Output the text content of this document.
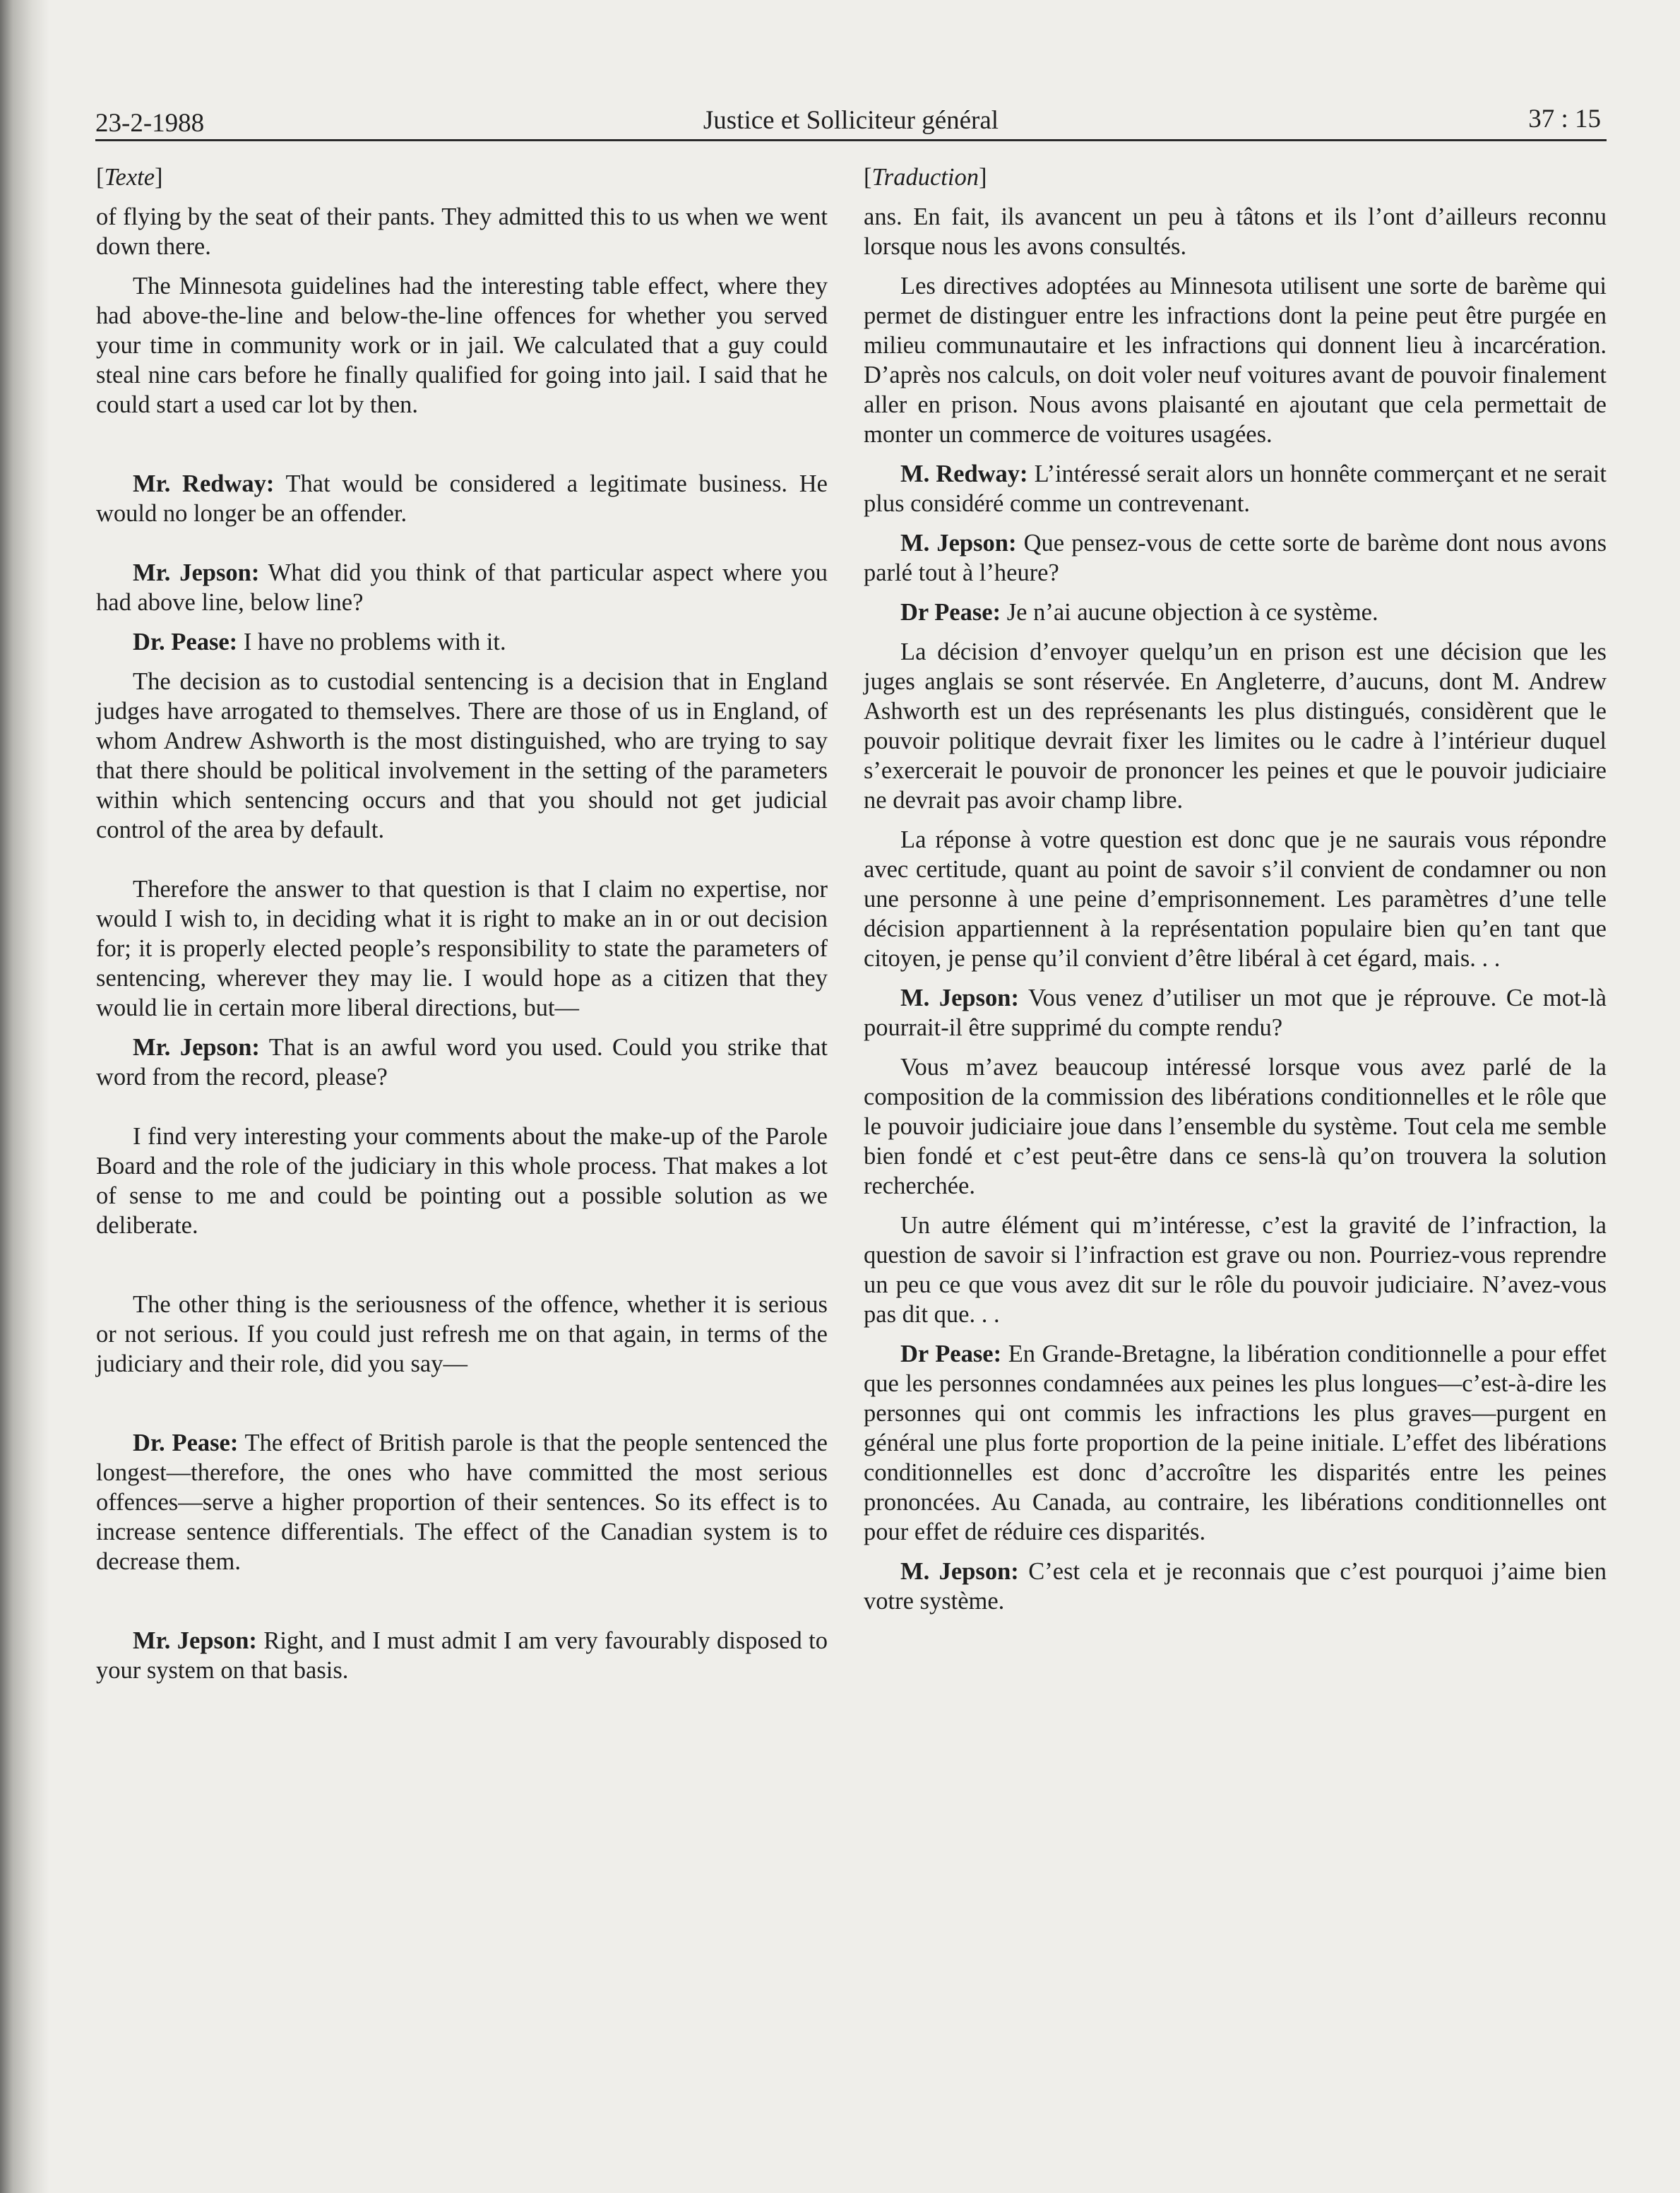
23-2-1988	Justice et Solliciteur général	37 : 15

[Texte]

of flying by the seat of their pants. They admitted this to us when we went down there.

The Minnesota guidelines had the interesting table effect, where they had above-the-line and below-the-line offences for whether you served your time in community work or in jail. We calculated that a guy could steal nine cars before he finally qualified for going into jail. I said that he could start a used car lot by then.

Mr. Redway: That would be considered a legitimate business. He would no longer be an offender.

Mr. Jepson: What did you think of that particular aspect where you had above line, below line?

Dr. Pease: I have no problems with it.

The decision as to custodial sentencing is a decision that in England judges have arrogated to themselves. There are those of us in England, of whom Andrew Ashworth is the most distinguished, who are trying to say that there should be political involvement in the setting of the parameters within which sentencing occurs and that you should not get judicial control of the area by default.

Therefore the answer to that question is that I claim no expertise, nor would I wish to, in deciding what it is right to make an in or out decision for; it is properly elected people’s responsibility to state the parameters of sentencing, wherever they may lie. I would hope as a citizen that they would lie in certain more liberal directions, but—

Mr. Jepson: That is an awful word you used. Could you strike that word from the record, please?

I find very interesting your comments about the make-up of the Parole Board and the role of the judiciary in this whole process. That makes a lot of sense to me and could be pointing out a possible solution as we deliberate.

The other thing is the seriousness of the offence, whether it is serious or not serious. If you could just refresh me on that again, in terms of the judiciary and their role, did you say—

Dr. Pease: The effect of British parole is that the people sentenced the longest—therefore, the ones who have committed the most serious offences—serve a higher proportion of their sentences. So its effect is to increase sentence differentials. The effect of the Canadian system is to decrease them.

Mr. Jepson: Right, and I must admit I am very favourably disposed to your system on that basis.

[Traduction]

ans. En fait, ils avancent un peu à tâtons et ils l’ont d’ailleurs reconnu lorsque nous les avons consultés.

Les directives adoptées au Minnesota utilisent une sorte de barème qui permet de distinguer entre les infractions dont la peine peut être purgée en milieu communautaire et les infractions qui donnent lieu à incarcération. D’après nos calculs, on doit voler neuf voitures avant de pouvoir finalement aller en prison. Nous avons plaisanté en ajoutant que cela permettait de monter un commerce de voitures usagées.

M. Redway: L’intéressé serait alors un honnête commerçant et ne serait plus considéré comme un contrevenant.

M. Jepson: Que pensez-vous de cette sorte de barème dont nous avons parlé tout à l’heure?

Dr Pease: Je n’ai aucune objection à ce système.

La décision d’envoyer quelqu’un en prison est une décision que les juges anglais se sont réservée. En Angleterre, d’aucuns, dont M. Andrew Ashworth est un des représenants les plus distingués, considèrent que le pouvoir politique devrait fixer les limites ou le cadre à l’intérieur duquel s’exercerait le pouvoir de prononcer les peines et que le pouvoir judiciaire ne devrait pas avoir champ libre.

La réponse à votre question est donc que je ne saurais vous répondre avec certitude, quant au point de savoir s’il convient de condamner ou non une personne à une peine d’emprisonnement. Les paramètres d’une telle décision appartiennent à la représentation populaire bien qu’en tant que citoyen, je pense qu’il convient d’être libéral à cet égard, mais. . .

M. Jepson: Vous venez d’utiliser un mot que je réprouve. Ce mot-là pourrait-il être supprimé du compte rendu?

Vous m’avez beaucoup intéressé lorsque vous avez parlé de la composition de la commission des libérations conditionnelles et le rôle que le pouvoir judiciaire joue dans l’ensemble du système. Tout cela me semble bien fondé et c’est peut-être dans ce sens-là qu’on trouvera la solution recherchée.

Un autre élément qui m’intéresse, c’est la gravité de l’infraction, la question de savoir si l’infraction est grave ou non. Pourriez-vous reprendre un peu ce que vous avez dit sur le rôle du pouvoir judiciaire. N’avez-vous pas dit que. . .

Dr Pease: En Grande-Bretagne, la libération conditionnelle a pour effet que les personnes condamnées aux peines les plus longues—c’est-à-dire les personnes qui ont commis les infractions les plus graves—purgent en général une plus forte proportion de la peine initiale. L’effet des libérations conditionnelles est donc d’accroître les disparités entre les peines prononcées. Au Canada, au contraire, les libérations conditionnelles ont pour effet de réduire ces disparités.

M. Jepson: C’est cela et je reconnais que c’est pourquoi j’aime bien votre système.
